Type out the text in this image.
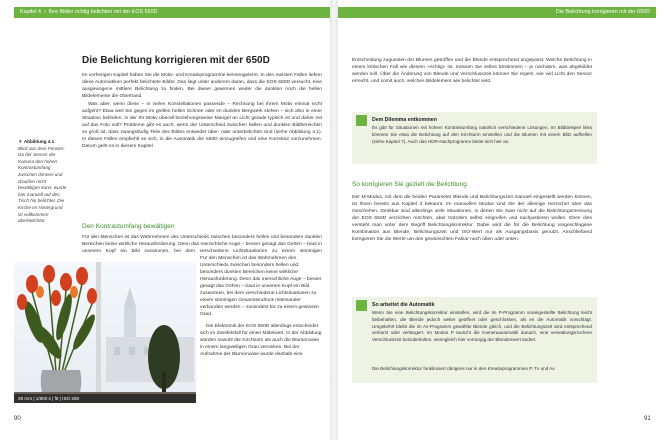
Kapitel 4  ›  Ihre Bilder richtig belichten mit der EOS 650D
Die Belichtung korrigieren mit der 650D

Im vorherigen Kapitel haben Sie die Motiv- und Kreativprogramme kennengelernt. In den meisten Fällen liefern diese Automatiken perfekt belichtete Bilder. Das liegt unter anderem daran, dass die EOS 650D versucht, eine ausgewogene mittlere Belichtung zu finden. Bei dieser gewinnen weder die dunklen noch die hellen Bildelemente die Oberhand.

Was aber, wenn diese – in vielen Konstellationen passende – Rechnung bei Ihrem Motiv einmal nicht aufgeht? Etwa weil Sie gegen im grellen hellen Schnee oder im dunklen Bergwerk stehen – sich also in einer Situation befinden, in der Ihr Motiv überall beziehungsweise Mangel an Licht gerade typisch ist und daher mit auf das Foto soll? Probleme gibt es auch, wenn der Unterschied zwischen hellen und dunklen Bildbereichen so groß ist, dass zwangsläufig Teile des Bildes entweder über- oder unterbelichtet sind (siehe Abbildung 4.1). In diesen Fällen empfiehlt es sich, in die Automatik der 650D einzugreifen und eine Korrektur vorzunehmen. Darum geht es in diesem Kapitel.

▼ Abbildung 4.1
Blick aus dem Fenster: Da der Sensor der Kamera den hohen Kontrastumfang zwischen drinnen und draußen nicht bewältigen kann, wurde hier manuell auf den Tisch hin belichtet. Die Kirche im Hintergrund ist vollkommen überbelichtet.
Den Kontrastumfang bewältigen
Für den Menschen ist das Wahrnehmen des Unterschieds zwischen besonders hellen und besonders dunklen Bereichen keine wirkliche Herausforderung. Denn das menschliche Auge – besser gesagt das Gehirn – baut in unserem Kopf ein Bild zusammen, bei dem verschiedene Lichtsituationen zu einem stimmigen
28 mm | 1/800 s | f8 | ISO 200
Für den Menschen ist das Wahrnehmen des Unterschieds zwischen besonders hellen und besonders dunklen Bereichen keine wirkliche Herausforderung. Denn das menschliche Auge – besser gesagt das Gehirn – baut in unserem Kopf ein Bild zusammen, bei dem verschiedene Lichtsituationen zu einem stimmigen Gesamteindruck miteinander verbunden werden – zumindest bis zu einem gewissen Grad.
Die Elektronik der EOS 650D allerdings entscheidet sich im Zweifelsfall für einen Mittelwert. In der Abbildung würden sowohl der Kirchturm als auch die Blumenvase in einem langweiligen Grau versinken. Bei der Aufnahme der Blumenvase wurde deshalb eine
90
Die Belichtung korrigieren mit der 650D
Entscheidung zugunsten der Blumen getroffen und die Blende entsprechend angepasst. Welche Belichtung in einem kritischen Fall wie diesem »richtig« ist, müssen Sie selbst bestimmen – je nachdem, was abgebildet werden soll. Über die Änderung von Blende und Verschlusszeit können Sie regeln, wie viel Licht den Sensor erreicht, und somit auch, welches Bildelement wie belichtet wird.
Dem Dilemma entkommen
Es gibt für Situationen mit hohem Kontrastumfang natürlich verschiedene Lösungen. Im Bildbeispiel links könnten Sie etwa die Belichtung auf den Kirchturm einstellen und die Blumen mit einem Blitz aufhellen (siehe Kapitel 7). Auch das HDR-Nachprogramm bietet sich hier an.
So korrigieren Sie gezielt die Belichtung
Der M-Modus, mit dem die beiden Parameter Blende und Belichtungszeit manuell eingestellt werden können, ist Ihnen bereits aus Kapitel 3 bekannt. Im manuellen Modus sind Sie der alleinige Herrscher über das Geschehen. Denkbar sind allerdings viele Situationen, in denen Sie zwar nicht auf die Belichtungsmessung der EOS 650D verzichten möchten, aber trotzdem selbst eingreifen und nachjustieren wollen. Eben dies versteht man unter dem Begriff Belichtungskorrektur. Dabei wird die für die Belichtung vorgeschlagene Kombination aus Blende, Belichtungszeit und ISO-Wert nur als Ausgangsbasis genutzt. Anschließend korrigieren Sie die Werte um den gewünschten Faktor nach oben oder unten.
So arbeitet die Automatik
Wenn Sie eine Belichtungskorrektur einstellen, wird die im P-Programm vorangestellte Belichtung leicht beibehalten, die Blende jedoch weiter geöffnet oder geschlossen, als es die Automatik vorschlägt. Umgekehrt bleibt die im Av-Programm gewählte Blende gleich, und die Belichtungszeit wird entsprechend verkürzt oder verlängert. Im Modus P tauscht die Kameraautomatik danach, eine verwaltungsnochere Verschlusszeit beizubehalten, wenngleich hier vorrangig der Blendenwert ändert.
Die Belichtungskorrektur funktioniert übrigens nur in den Kreativprogrammen P, Tv und Av.
91
